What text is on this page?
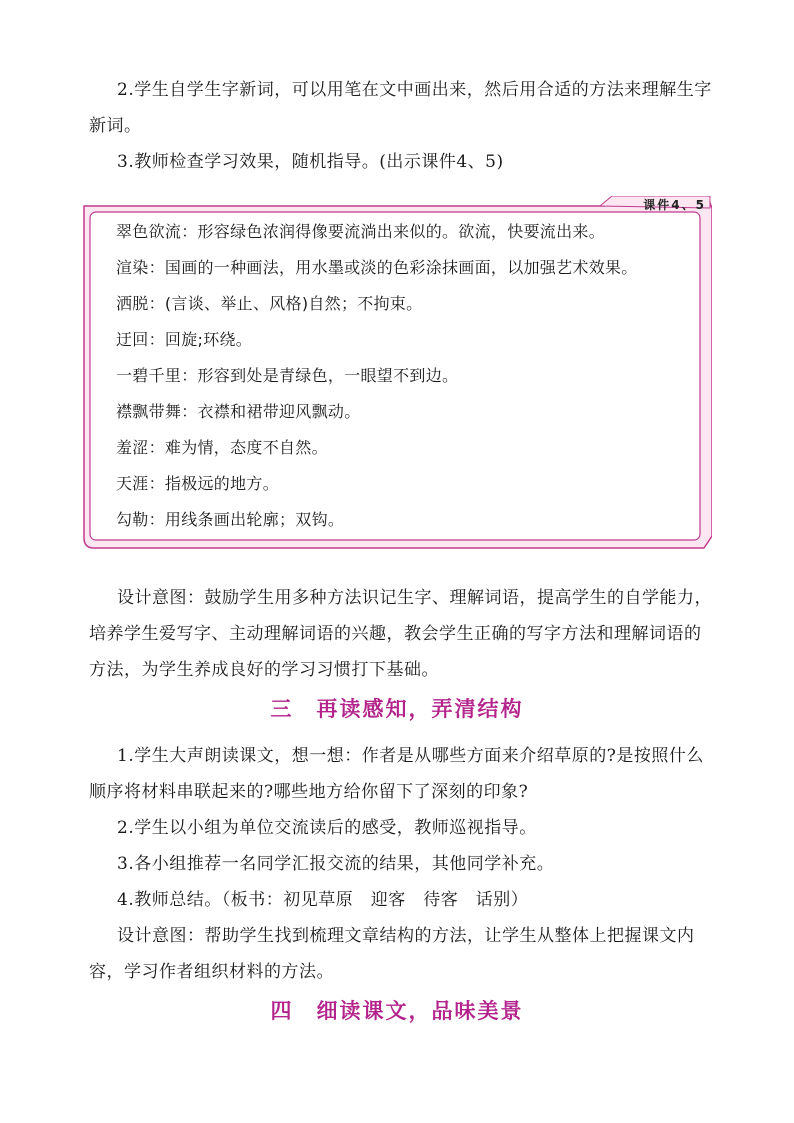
2.学生自学生字新词，可以用笔在文中画出来，然后用合适的方法来理解生字新词。

3.教师检查学习效果，随机指导。(出示课件4、5)

课件4、5
翠色欲流：形容绿色浓润得像要流淌出来似的。欲流，快要流出来。
渲染：国画的一种画法，用水墨或淡的色彩涂抹画面，以加强艺术效果。
洒脱：(言谈、举止、风格)自然；不拘束。
迂回：回旋;环绕。
一碧千里：形容到处是青绿色，一眼望不到边。
襟飘带舞：衣襟和裙带迎风飘动。
羞涩：难为情，态度不自然。
天涯：指极远的地方。
勾勒：用线条画出轮廓；双钩。

设计意图：鼓励学生用多种方法识记生字、理解词语，提高学生的自学能力，培养学生爱写字、主动理解词语的兴趣，教会学生正确的写字方法和理解词语的方法，为学生养成良好的学习习惯打下基础。

三　再读感知，弄清结构

1.学生大声朗读课文，想一想：作者是从哪些方面来介绍草原的?是按照什么顺序将材料串联起来的?哪些地方给你留下了深刻的印象?

2.学生以小组为单位交流读后的感受，教师巡视指导。

3.各小组推荐一名同学汇报交流的结果，其他同学补充。

4.教师总结。（板书：初见草原　迎客　待客　话别）

设计意图：帮助学生找到梳理文章结构的方法，让学生从整体上把握课文内容，学习作者组织材料的方法。

四　细读课文，品味美景
